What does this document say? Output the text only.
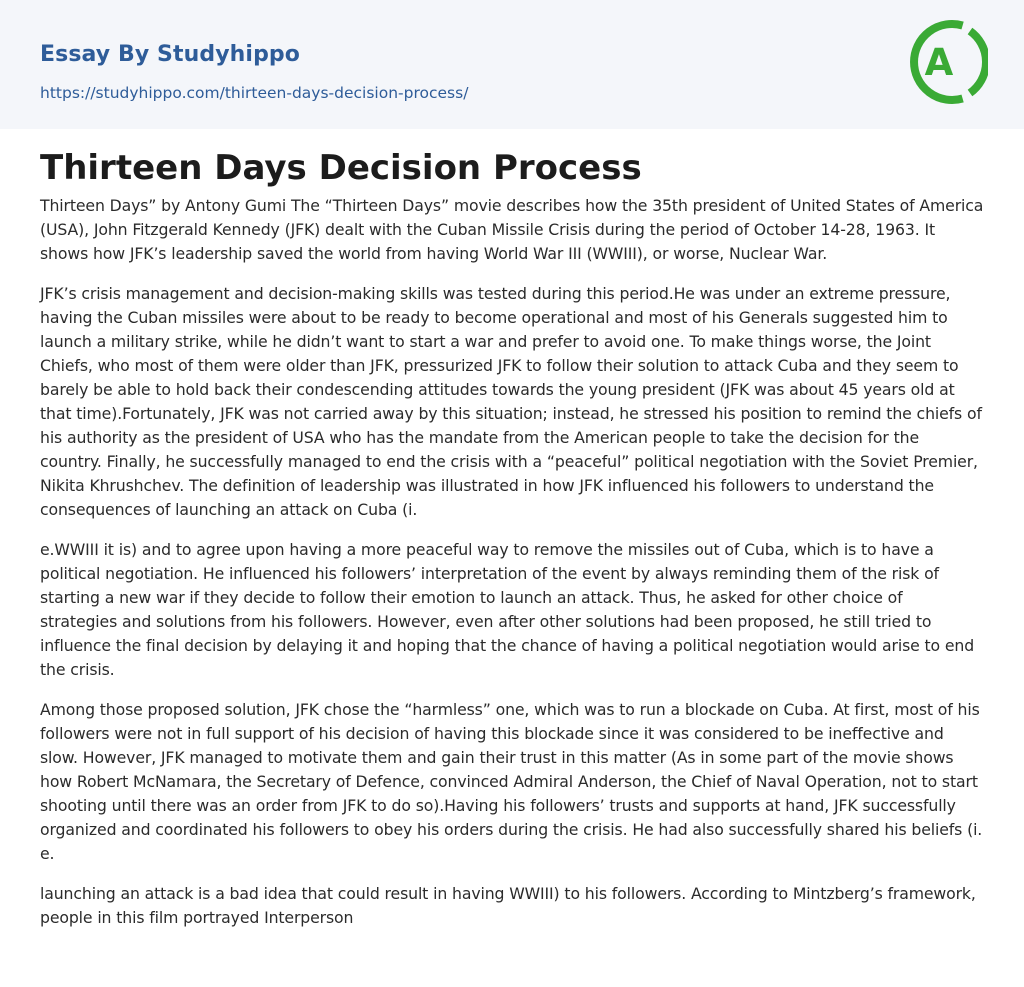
Essay By Studyhippo
https://studyhippo.com/thirteen-days-decision-process/
A
Thirteen Days Decision Process

Thirteen Days” by Antony Gumi The “Thirteen Days” movie describes how the 35th president of United States of America (USA), John Fitzgerald Kennedy (JFK) dealt with the Cuban Missile Crisis during the period of October 14-28, 1963. It shows how JFK’s leadership saved the world from having World War III (WWIII), or worse, Nuclear War.

JFK’s crisis management and decision-making skills was tested during this period.He was under an extreme pressure, having the Cuban missiles were about to be ready to become operational and most of his Generals suggested him to launch a military strike, while he didn’t want to start a war and prefer to avoid one. To make things worse, the Joint Chiefs, who most of them were older than JFK, pressurized JFK to follow their solution to attack Cuba and they seem to barely be able to hold back their condescending attitudes towards the young president (JFK was about 45 years old at that time).Fortunately, JFK was not carried away by this situation; instead, he stressed his position to remind the chiefs of his authority as the president of USA who has the mandate from the American people to take the decision for the country. Finally, he successfully managed to end the crisis with a “peaceful” political negotiation with the Soviet Premier, Nikita Khrushchev. The definition of leadership was illustrated in how JFK influenced his followers to understand the consequences of launching an attack on Cuba (i.

e.WWIII it is) and to agree upon having a more peaceful way to remove the missiles out of Cuba, which is to have a political negotiation. He influenced his followers’ interpretation of the event by always reminding them of the risk of starting a new war if they decide to follow their emotion to launch an attack. Thus, he asked for other choice of strategies and solutions from his followers. However, even after other solutions had been proposed, he still tried to influence the final decision by delaying it and hoping that the chance of having a political negotiation would arise to end the crisis.

Among those proposed solution, JFK chose the “harmless” one, which was to run a blockade on Cuba. At first, most of his followers were not in full support of his decision of having this blockade since it was considered to be ineffective and slow. However, JFK managed to motivate them and gain their trust in this matter (As in some part of the movie shows how Robert McNamara, the Secretary of Defence, convinced Admiral Anderson, the Chief of Naval Operation, not to start shooting until there was an order from JFK to do so).Having his followers’ trusts and supports at hand, JFK successfully organized and coordinated his followers to obey his orders during the crisis. He had also successfully shared his beliefs (i. e.

launching an attack is a bad idea that could result in having WWIII) to his followers. According to Mintzberg’s framework, people in this film portrayed Interperson
